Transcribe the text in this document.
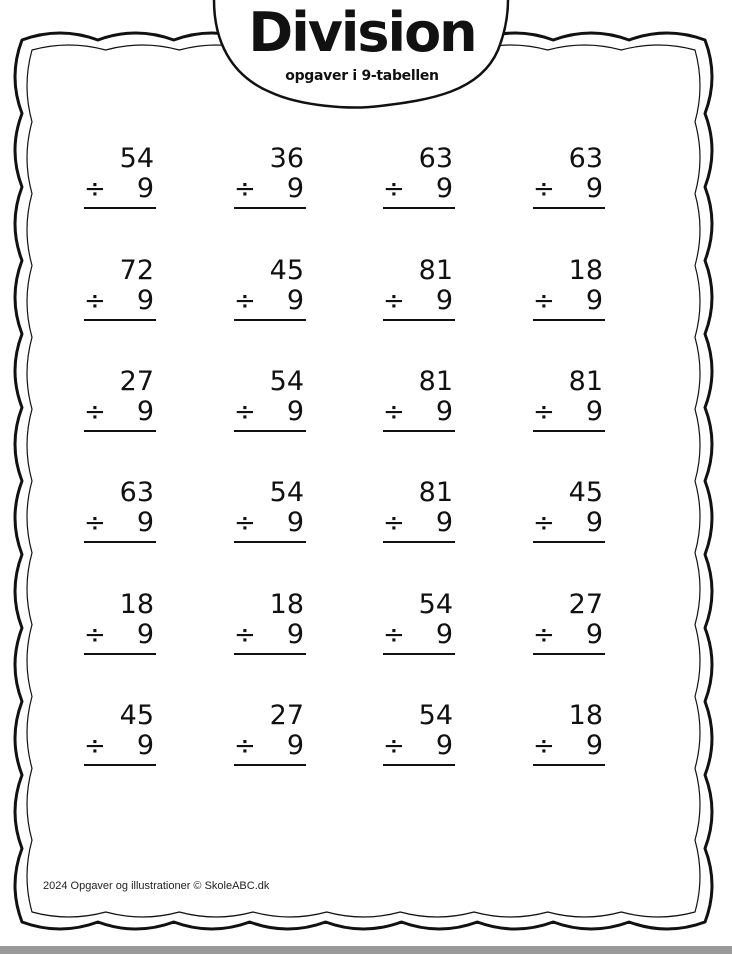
Division
opgaver i 9-tabellen
54
÷ 9
36
÷ 9
63
÷ 9
63
÷ 9
72
÷ 9
45
÷ 9
81
÷ 9
18
÷ 9
27
÷ 9
54
÷ 9
81
÷ 9
81
÷ 9
63
÷ 9
54
÷ 9
81
÷ 9
45
÷ 9
18
÷ 9
18
÷ 9
54
÷ 9
27
÷ 9
45
÷ 9
27
÷ 9
54
÷ 9
18
÷ 9
2024 Opgaver og illustrationer © SkoleABC.dk
